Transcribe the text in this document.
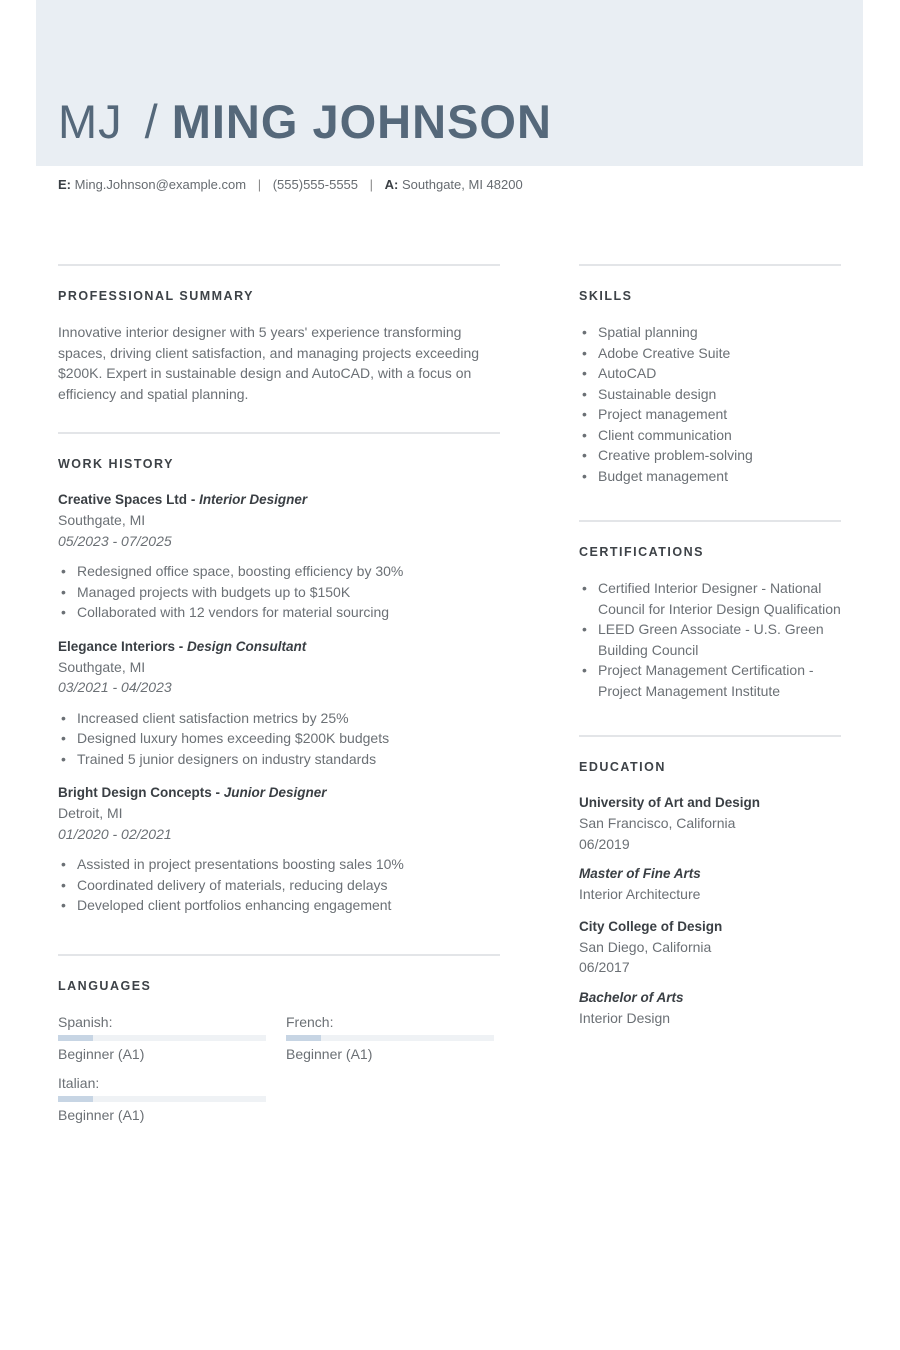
MJ / MING JOHNSON
E: Ming.Johnson@example.com | (555)555-5555 | A: Southgate, MI 48200
PROFESSIONAL SUMMARY

Innovative interior designer with 5 years' experience transforming spaces, driving client satisfaction, and managing projects exceeding $200K. Expert in sustainable design and AutoCAD, with a focus on efficiency and spatial planning.

WORK HISTORY
Creative Spaces Ltd - Interior Designer
Southgate, MI
05/2023 - 07/2025
• Redesigned office space, boosting efficiency by 30%
• Managed projects with budgets up to $150K
• Collaborated with 12 vendors for material sourcing
Elegance Interiors - Design Consultant
Southgate, MI
03/2021 - 04/2023
• Increased client satisfaction metrics by 25%
• Designed luxury homes exceeding $200K budgets
• Trained 5 junior designers on industry standards
Bright Design Concepts - Junior Designer
Detroit, MI
01/2020 - 02/2021
• Assisted in project presentations boosting sales 10%
• Coordinated delivery of materials, reducing delays
• Developed client portfolios enhancing engagement
LANGUAGES
Spanish:
Beginner (A1)
French:
Beginner (A1)
Italian:
Beginner (A1)
SKILLS
• Spatial planning
• Adobe Creative Suite
• AutoCAD
• Sustainable design
• Project management
• Client communication
• Creative problem-solving
• Budget management
CERTIFICATIONS
• Certified Interior Designer - National Council for Interior Design Qualification
• LEED Green Associate - U.S. Green Building Council
• Project Management Certification - Project Management Institute
EDUCATION
University of Art and Design
San Francisco, California
06/2019
Master of Fine Arts
Interior Architecture
City College of Design
San Diego, California
06/2017
Bachelor of Arts
Interior Design
